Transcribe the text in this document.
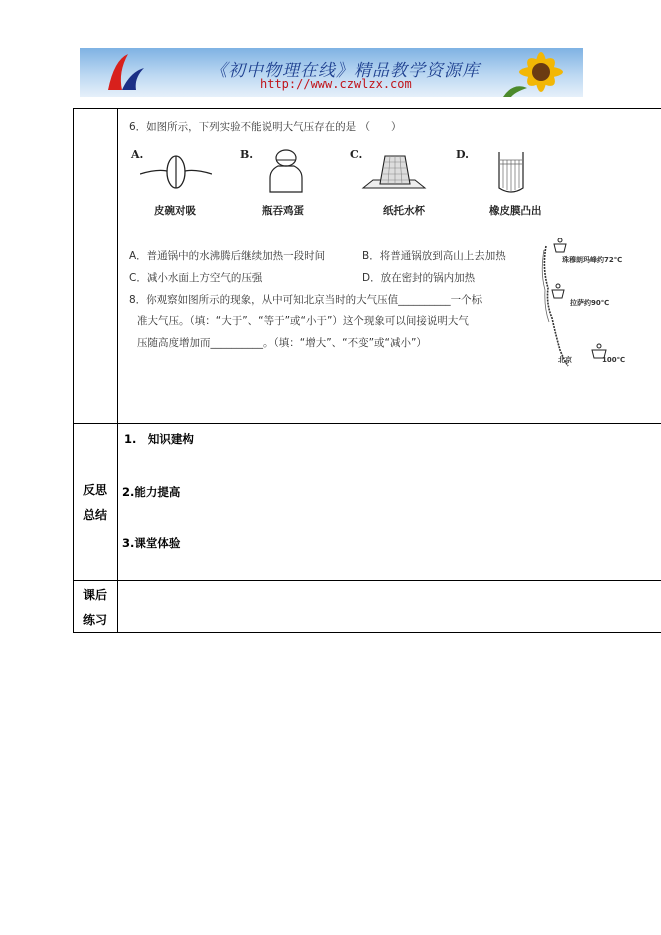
《初中物理在线》精品教学资源库
http://www.czwlzx.com
6．如图所示，下列实验不能说明大气压存在的是 （　　）
A.	B.	C.	D.
皮碗对吸	瓶吞鸡蛋	纸托水杯	橡皮膜凸出
A．普通锅中的水沸腾后继续加热一段时间	B．将普通锅放到高山上去加热
C．减小水面上方空气的压强	D．放在密封的锅内加热
8．你观察如图所示的现象，从中可知北京当时的大气压值__________一个标
准大气压。（填：“大于”、“等于”或“小于”）这个现象可以间接说明大气
压随高度增加而__________。（填：“增大”、“不变”或“减小”）
珠穆朗玛峰约72℃
拉萨约90℃
北京	100℃
反思
总结
1.　知识建构
2.能力提高
3.课堂体验
课后
练习
